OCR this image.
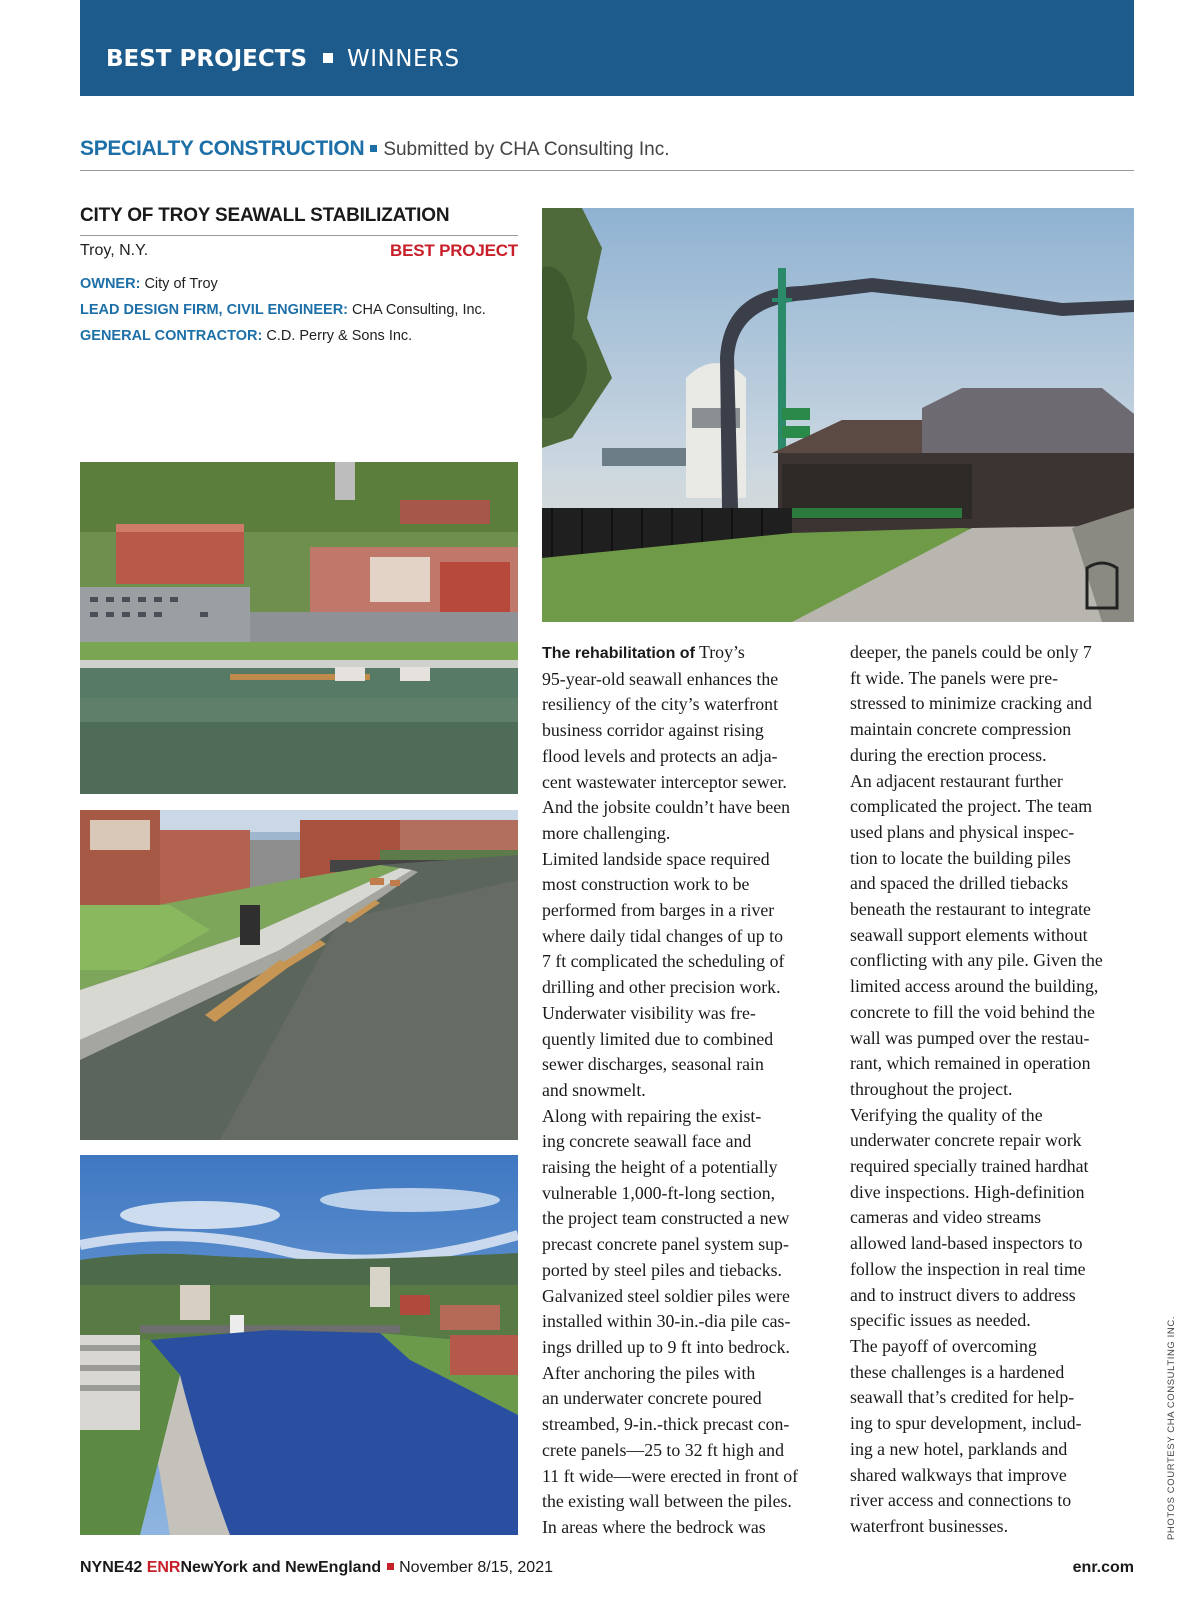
BEST PROJECTS WINNERS
SPECIALTY CONSTRUCTION Submitted by CHA Consulting Inc.
CITY OF TROY SEAWALL STABILIZATION
Troy, N.Y.	BEST PROJECT
OWNER: City of Troy
LEAD DESIGN FIRM, CIVIL ENGINEER: CHA Consulting, Inc.
GENERAL CONTRACTOR: C.D. Perry & Sons Inc.
The rehabilitation of Troy’s
95-year-old seawall enhances the
resiliency of the city’s waterfront
business corridor against rising
flood levels and protects an adja-
cent wastewater interceptor sewer.
And the jobsite couldn’t have been
more challenging.
Limited landside space required
most construction work to be
performed from barges in a river
where daily tidal changes of up to
7 ft complicated the scheduling of
drilling and other precision work.
Underwater visibility was fre-
quently limited due to combined
sewer discharges, seasonal rain
and snowmelt.
Along with repairing the exist-
ing concrete seawall face and
raising the height of a potentially
vulnerable 1,000-ft-long section,
the project team constructed a new
precast concrete panel system sup-
ported by steel piles and tiebacks.
Galvanized steel soldier piles were
installed within 30-in.-dia pile cas-
ings drilled up to 9 ft into bedrock.
After anchoring the piles with
an underwater concrete poured
streambed, 9-in.-thick precast con-
crete panels—25 to 32 ft high and
11 ft wide—were erected in front of
the existing wall between the piles.
In areas where the bedrock was
deeper, the panels could be only 7
ft wide. The panels were pre-
stressed to minimize cracking and
maintain concrete compression
during the erection process.
An adjacent restaurant further
complicated the project. The team
used plans and physical inspec-
tion to locate the building piles
and spaced the drilled tiebacks
beneath the restaurant to integrate
seawall support elements without
conflicting with any pile. Given the
limited access around the building,
concrete to fill the void behind the
wall was pumped over the restau-
rant, which remained in operation
throughout the project.
Verifying the quality of the
underwater concrete repair work
required specially trained hardhat
dive inspections. High-definition
cameras and video streams
allowed land-based inspectors to
follow the inspection in real time
and to instruct divers to address
specific issues as needed.
The payoff of overcoming
these challenges is a hardened
seawall that’s credited for help-
ing to spur development, includ-
ing a new hotel, parklands and
shared walkways that improve
river access and connections to
waterfront businesses.	PHOTOS COURTESY CHA CONSULTING INC.
NYNE42 ENRNewYork and NewEngland November 8/15, 2021	enr.com
